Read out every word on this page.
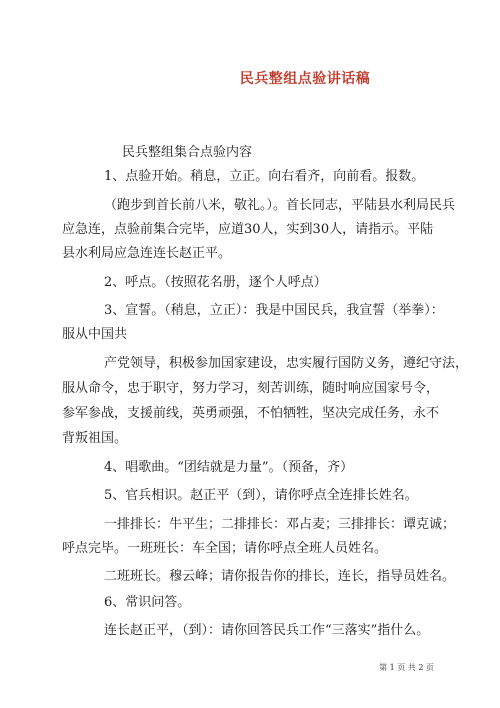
民兵整组点验讲话稿
民兵整组集合点验内容
1、点验开始。稍息，立正。向右看齐，向前看。报数。
（跑步到首长前八米，敬礼。）。首长同志，平陆县水利局民兵
应急连，点验前集合完毕，应道30人，实到30人，请指示。平陆
县水利局应急连连长赵正平。
2、呼点。（按照花名册，逐个人呼点）
3、宣誓。（稍息，立正）：我是中国民兵，我宣誓（举拳）：
服从中国共
产党领导，积极参加国家建设，忠实履行国防义务，遵纪守法，
服从命令，忠于职守，努力学习，刻苦训练，随时响应国家号令，
参军参战，支援前线，英勇顽强，不怕牺牲，坚决完成任务，永不
背叛祖国。
4、唱歌曲。“团结就是力量”。（预备，齐）
5、官兵相识。赵正平（到），请你呼点全连排长姓名。
一排排长：牛平生；二排排长：邓占麦；三排排长：谭克诚；
呼点完毕。一班班长：车全国；请你呼点全班人员姓名。
二班班长。穆云峰；请你报告你的排长，连长，指导员姓名。
6、常识问答。
连长赵正平，（到）：请你回答民兵工作“三落实”指什么。
第 1 页 共 2 页
